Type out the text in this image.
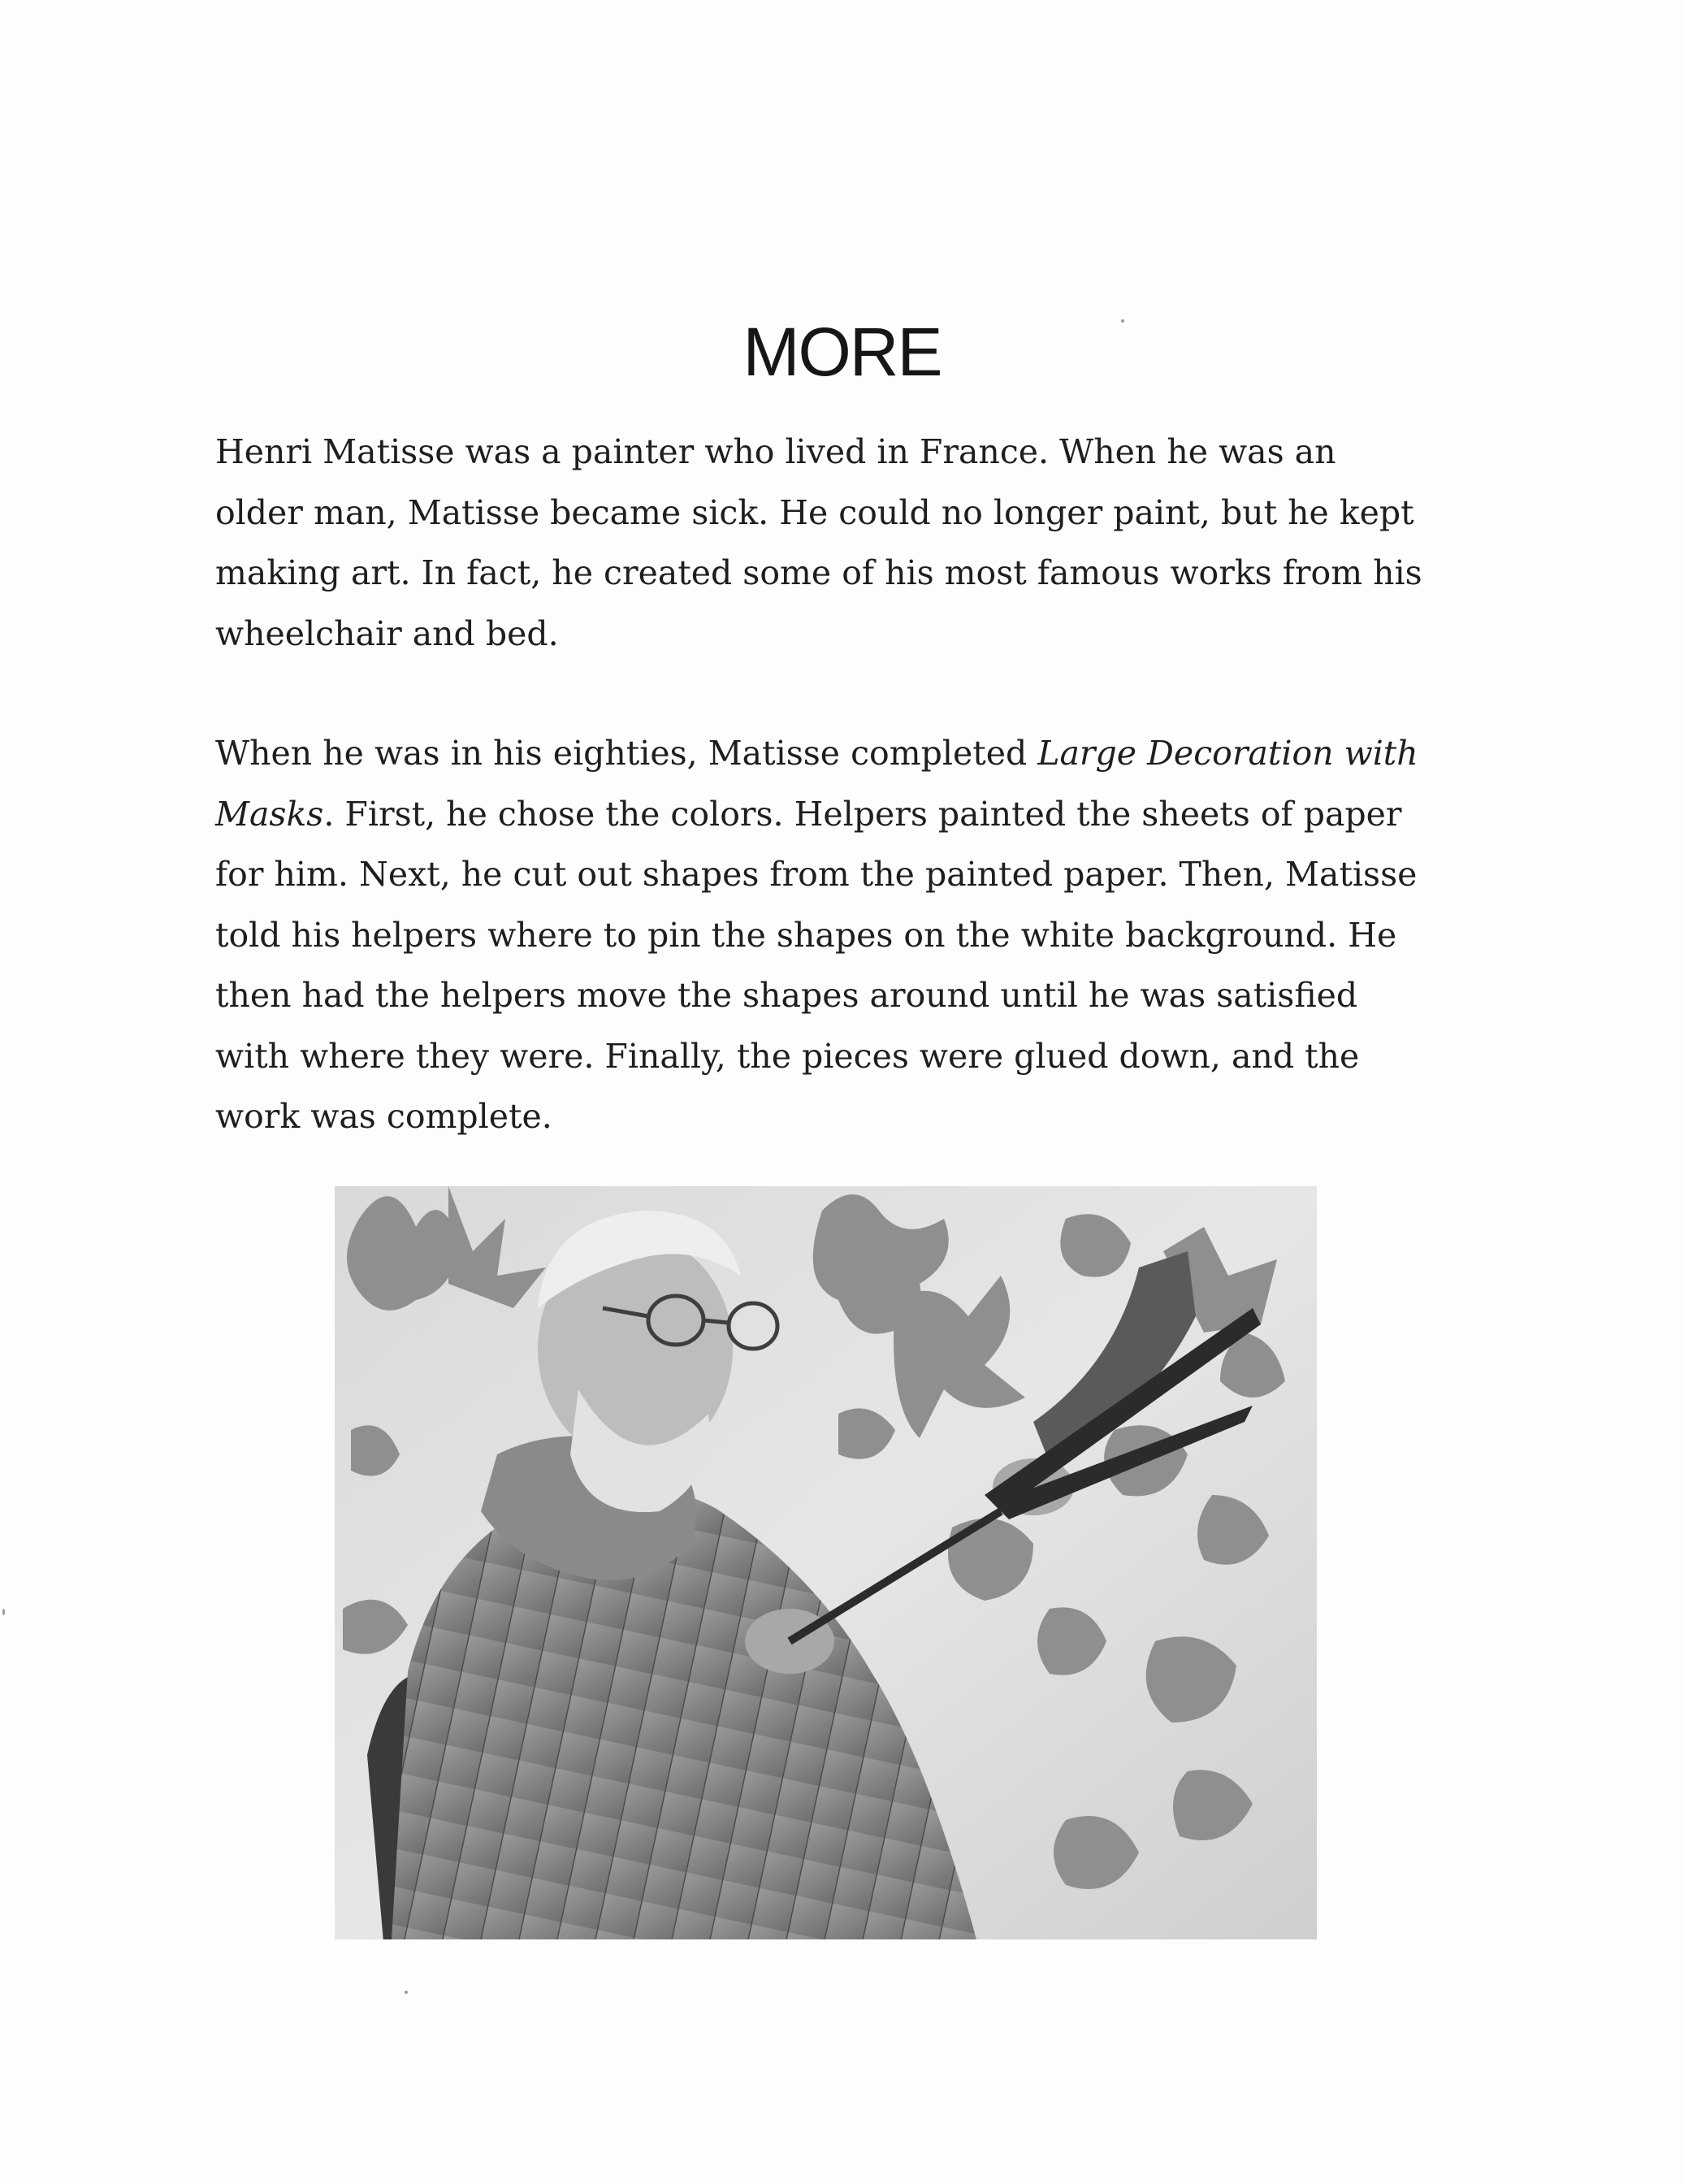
MORE

Henri Matisse was a painter who lived in France. When he was an
older man, Matisse became sick. He could no longer paint, but he kept
making art. In fact, he created some of his most famous works from his
wheelchair and bed.

When he was in his eighties, Matisse completed Large Decoration with
Masks. First, he chose the colors. Helpers painted the sheets of paper
for him. Next, he cut out shapes from the painted paper. Then, Matisse
told his helpers where to pin the shapes on the white background. He
then had the helpers move the shapes around until he was satisfied
with where they were. Finally, the pieces were glued down, and the
work was complete.
